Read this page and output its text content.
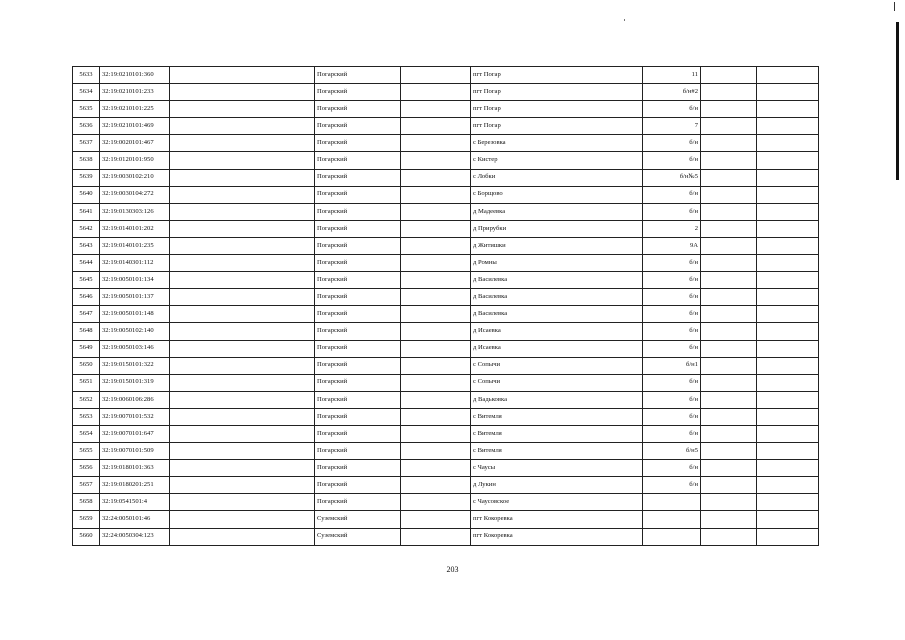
5633	32:19:0210101:360		Погарский		пгт Погар	11		
5634	32:19:0210101:233		Погарский		пгт Погар	б/н#2		
5635	32:19:0210101:225		Погарский		пгт Погар	б/н		
5636	32:19:0210101:469		Погарский		пгт Погар	7		
5637	32:19:0020101:467		Погарский		с Березовка	б/н		
5638	32:19:0120101:950		Погарский		с Кистер	б/н		
5639	32:19:0030102:210		Погарский		с Лобки	б/н№5		
5640	32:19:0030104:272		Погарский		с Борщово	б/н		
5641	32:19:0130303:126		Погарский		д Мадеевка	б/н		
5642	32:19:0140101:202		Погарский		д Прирубки	2		
5643	32:19:0140101:235		Погарский		д Житишки	9А		
5644	32:19:0140301:112		Погарский		д Ромны	б/н		
5645	32:19:0050101:134		Погарский		д Василевка	б/н		
5646	32:19:0050101:137		Погарский		д Василевка	б/н		
5647	32:19:0050101:148		Погарский		д Василевка	б/н		
5648	32:19:0050102:140		Погарский		д Исаевка	б/н		
5649	32:19:0050103:146		Погарский		д Исаевка	б/н		
5650	32:19:0150101:322		Погарский		с Сопычи	б/н1		
5651	32:19:0150101:319		Погарский		с Сопычи	б/н		
5652	32:19:0060106:286		Погарский		д Вадьковка	б/н		
5653	32:19:0070101:532		Погарский		с Витемля	б/н		
5654	32:19:0070101:647		Погарский		с Витемля	б/н		
5655	32:19:0070101:509		Погарский		с Витемля	б/н5		
5656	32:19:0180101:363		Погарский		с Чаусы	б/н		
5657	32:19:0180201:251		Погарский		д Лукин	б/н		
5658	32:19:0541501:4		Погарский		с Чаусовское			
5659	32:24:0050101:46		Суземский		пгт Кокоревка			
5660	32:24:0050304:123		Суземский		пгт Кокоревка			
203
